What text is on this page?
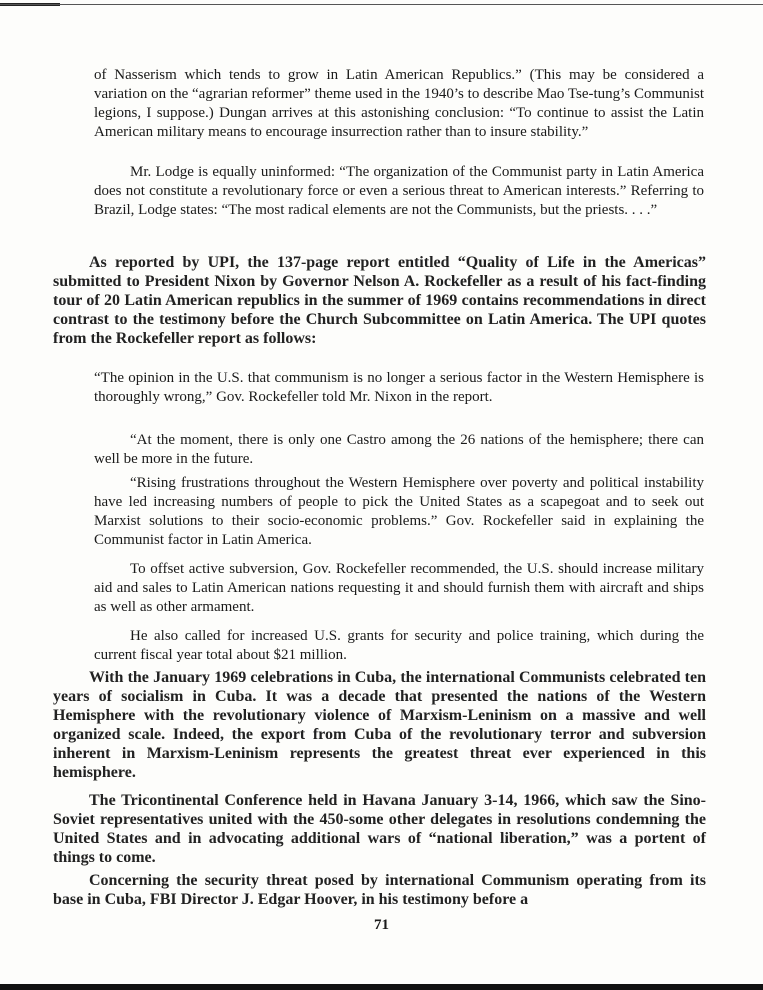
of Nasserism which tends to grow in Latin American Republics.” (This may be considered a variation on the “agrarian reformer” theme used in the 1940’s to describe Mao Tse-tung’s Communist legions, I suppose.) Dungan arrives at this astonishing conclusion: “To continue to assist the Latin American military means to encourage insurrection rather than to insure stability.”

Mr. Lodge is equally uninformed: “The organization of the Communist party in Latin America does not constitute a revolutionary force or even a serious threat to American interests.” Referring to Brazil, Lodge states: “The most radical elements are not the Communists, but the priests. . . .”

As reported by UPI, the 137-page report entitled “Quality of Life in the Americas” submitted to President Nixon by Governor Nelson A. Rockefeller as a result of his fact-finding tour of 20 Latin American republics in the summer of 1969 contains recommendations in direct contrast to the testimony before the Church Subcommittee on Latin America. The UPI quotes from the Rockefeller report as follows:

“The opinion in the U.S. that communism is no longer a serious factor in the Western Hemisphere is thoroughly wrong,” Gov. Rockefeller told Mr. Nixon in the report.

“At the moment, there is only one Castro among the 26 nations of the hemisphere; there can well be more in the future.

“Rising frustrations throughout the Western Hemisphere over poverty and political instability have led increasing numbers of people to pick the United States as a scapegoat and to seek out Marxist solutions to their socio-economic problems.” Gov. Rockefeller said in explaining the Communist factor in Latin America.

To offset active subversion, Gov. Rockefeller recommended, the U.S. should increase military aid and sales to Latin American nations requesting it and should furnish them with aircraft and ships as well as other armament.

He also called for increased U.S. grants for security and police training, which during the current fiscal year total about $21 million.

With the January 1969 celebrations in Cuba, the international Communists celebrated ten years of socialism in Cuba. It was a decade that presented the nations of the Western Hemisphere with the revolutionary violence of Marxism-Leninism on a massive and well organized scale. Indeed, the export from Cuba of the revolutionary terror and subversion inherent in Marxism-Leninism represents the greatest threat ever experienced in this hemisphere.

The Tricontinental Conference held in Havana January 3-14, 1966, which saw the Sino-Soviet representatives united with the 450-some other delegates in resolutions condemning the United States and in advocating additional wars of “national liberation,” was a portent of things to come.

Concerning the security threat posed by international Communism operating from its base in Cuba, FBI Director J. Edgar Hoover, in his testimony before a

71
